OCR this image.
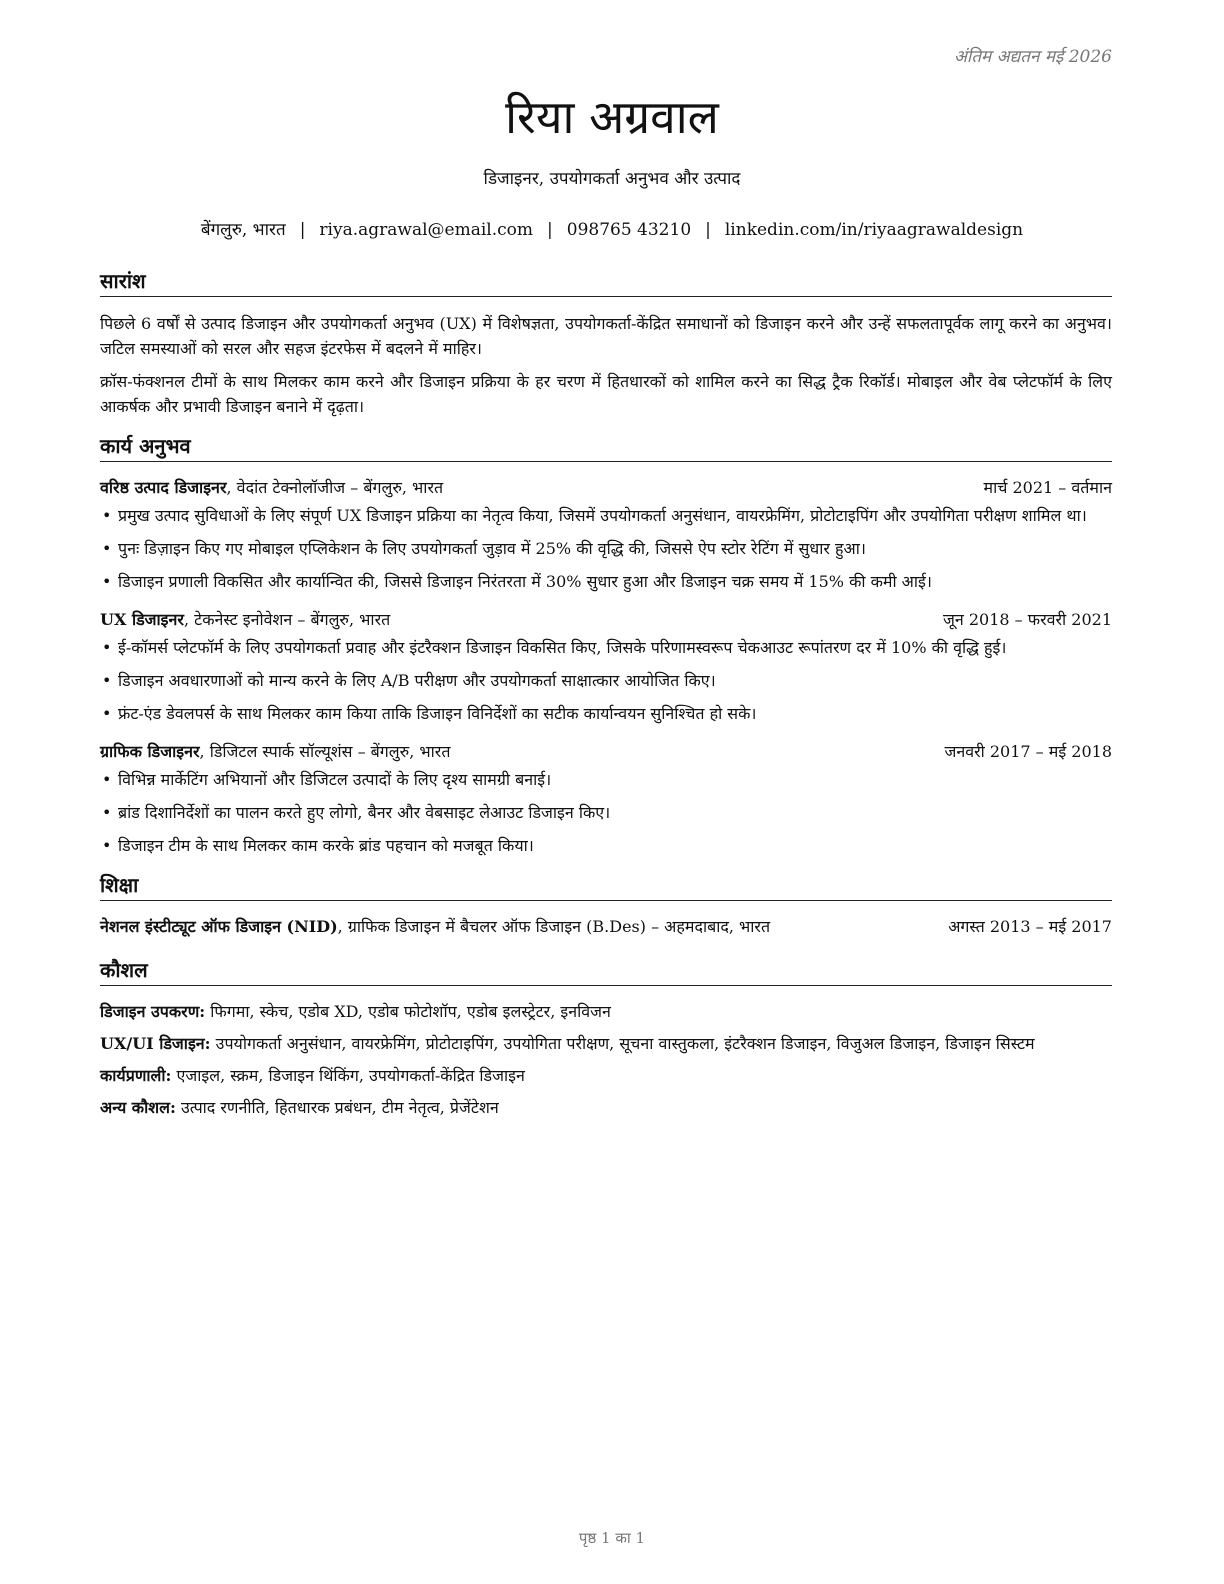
अंतिम अद्यतन मई 2026
रिया अग्रवाल
डिजाइनर, उपयोगकर्ता अनुभव और उत्पाद
बेंगलुरु, भारत | riya.agrawal@email.com | 098765 43210 | linkedin.com/in/riyaagrawaldesign
सारांश

पिछले 6 वर्षों से उत्पाद डिजाइन और उपयोगकर्ता अनुभव (UX) में विशेषज्ञता, उपयोगकर्ता-केंद्रित समाधानों को डिजाइन करने और उन्हें सफलतापूर्वक लागू करने का अनुभव। जटिल समस्याओं को सरल और सहज इंटरफेस में बदलने में माहिर।

क्रॉस-फंक्शनल टीमों के साथ मिलकर काम करने और डिजाइन प्रक्रिया के हर चरण में हितधारकों को शामिल करने का सिद्ध ट्रैक रिकॉर्ड। मोबाइल और वेब प्लेटफॉर्म के लिए आकर्षक और प्रभावी डिजाइन बनाने में दृढ़ता।

कार्य अनुभव
वरिष्ठ उत्पाद डिजाइनर, वेदांत टेक्नोलॉजीज – बेंगलुरु, भारत	मार्च 2021 – वर्तमान
• प्रमुख उत्पाद सुविधाओं के लिए संपूर्ण UX डिजाइन प्रक्रिया का नेतृत्व किया, जिसमें उपयोगकर्ता अनुसंधान, वायरफ्रेमिंग, प्रोटोटाइपिंग और उपयोगिता परीक्षण शामिल था।
• पुनः डिज़ाइन किए गए मोबाइल एप्लिकेशन के लिए उपयोगकर्ता जुड़ाव में 25% की वृद्धि की, जिससे ऐप स्टोर रेटिंग में सुधार हुआ।
• डिजाइन प्रणाली विकसित और कार्यान्वित की, जिससे डिजाइन निरंतरता में 30% सुधार हुआ और डिजाइन चक्र समय में 15% की कमी आई।
UX डिजाइनर, टेकनेस्ट इनोवेशन – बेंगलुरु, भारत	जून 2018 – फरवरी 2021
• ई-कॉमर्स प्लेटफॉर्म के लिए उपयोगकर्ता प्रवाह और इंटरैक्शन डिजाइन विकसित किए, जिसके परिणामस्वरूप चेकआउट रूपांतरण दर में 10% की वृद्धि हुई।
• डिजाइन अवधारणाओं को मान्य करने के लिए A/B परीक्षण और उपयोगकर्ता साक्षात्कार आयोजित किए।
• फ्रंट-एंड डेवलपर्स के साथ मिलकर काम किया ताकि डिजाइन विनिर्देशों का सटीक कार्यान्वयन सुनिश्चित हो सके।
ग्राफिक डिजाइनर, डिजिटल स्पार्क सॉल्यूशंस – बेंगलुरु, भारत	जनवरी 2017 – मई 2018
• विभिन्न मार्केटिंग अभियानों और डिजिटल उत्पादों के लिए दृश्य सामग्री बनाई।
• ब्रांड दिशानिर्देशों का पालन करते हुए लोगो, बैनर और वेबसाइट लेआउट डिजाइन किए।
• डिजाइन टीम के साथ मिलकर काम करके ब्रांड पहचान को मजबूत किया।
शिक्षा
नेशनल इंस्टीट्यूट ऑफ डिजाइन (NID), ग्राफिक डिजाइन में बैचलर ऑफ डिजाइन (B.Des) – अहमदाबाद, भारत	अगस्त 2013 – मई 2017
कौशल
डिजाइन उपकरण: फिगमा, स्केच, एडोब XD, एडोब फोटोशॉप, एडोब इलस्ट्रेटर, इनविजन
UX/UI डिजाइन: उपयोगकर्ता अनुसंधान, वायरफ्रेमिंग, प्रोटोटाइपिंग, उपयोगिता परीक्षण, सूचना वास्तुकला, इंटरैक्शन डिजाइन, विजुअल डिजाइन, डिजाइन सिस्टम
कार्यप्रणाली: एजाइल, स्क्रम, डिजाइन थिंकिंग, उपयोगकर्ता-केंद्रित डिजाइन
अन्य कौशल: उत्पाद रणनीति, हितधारक प्रबंधन, टीम नेतृत्व, प्रेजेंटेशन
पृष्ठ 1 का 1
